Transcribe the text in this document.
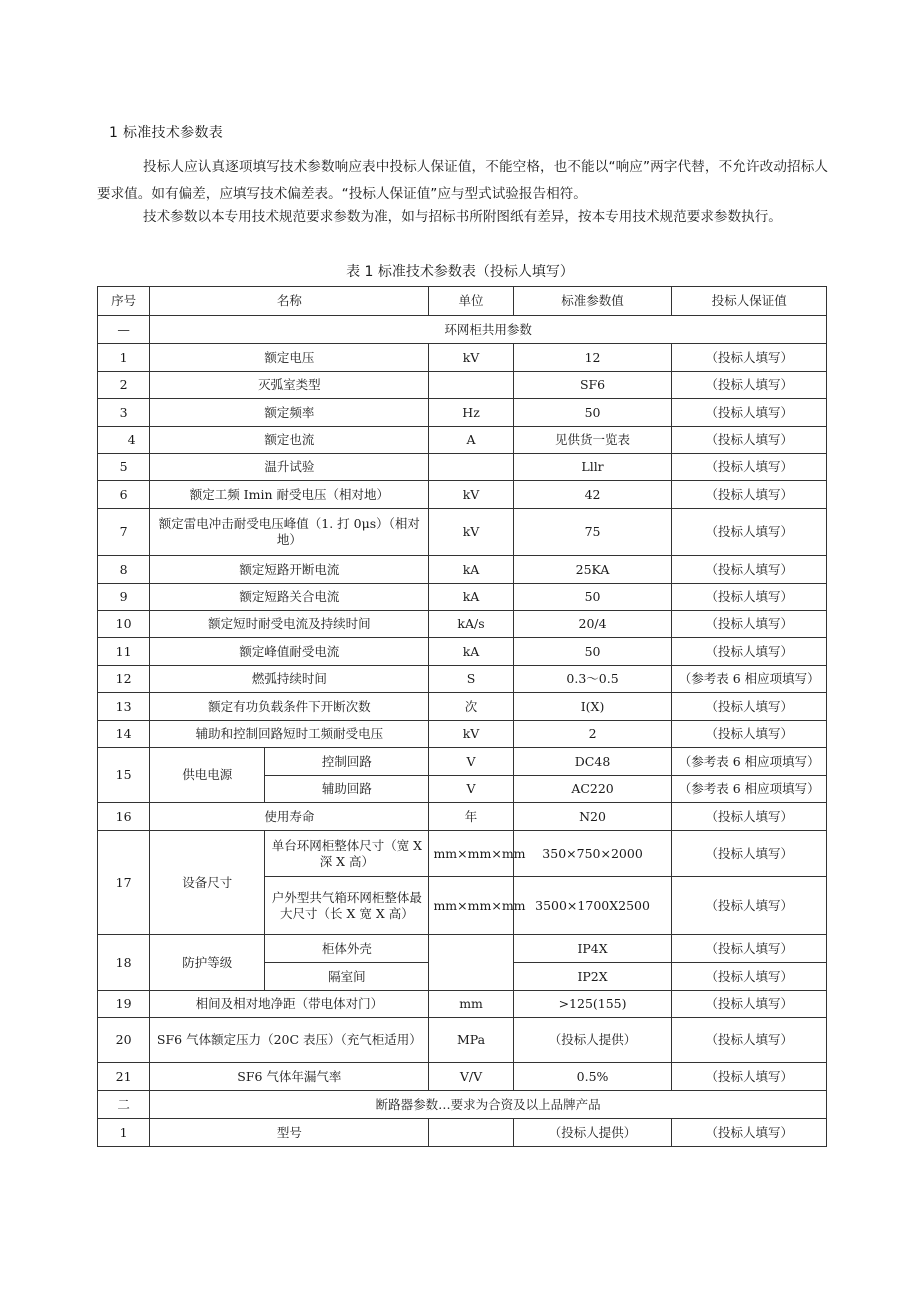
1 标准技术参数表

投标人应认真逐项填写技术参数响应表中投标人保证值，不能空格，也不能以“响应”两字代替，不允许改动招标人要求值。如有偏差，应填写技术偏差表。“投标人保证值”应与型式试验报告相符。

技术参数以本专用技术规范要求参数为准，如与招标书所附图纸有差异，按本专用技术规范要求参数执行。

表 1 标准技术参数表（投标人填写）
序号	名称		单位	标准参数值	投标人保证值
—	环网柜共用参数				
1	额定电压		kV	12	（投标人填写）
2	灭弧室类型			SF6	（投标人填写）
3	额定频率		Hz	50	（投标人填写）
4	额定也流		A	见供货一览表	（投标人填写）
5	温升试验			Lllr	（投标人填写）
6	额定工频 Imin 耐受电压（相对地）		kV	42	（投标人填写）
7	额定雷电冲击耐受电压峰值（1. 打 0μs）（相对地）		kV	75	（投标人填写）
8	额定短路开断电流		kA	25KA	（投标人填写）
9	额定短路关合电流		kA	50	（投标人填写）
10	额定短时耐受电流及持续时间		kA/s	20/4	（投标人填写）
11	额定峰值耐受电流		kA	50	（投标人填写）
12	燃弧持续时间		S	0.3～0.5	（参考表 6 相应项填写）
13	额定有功负载条件下开断次数		次	I(X)	（投标人填写）
14	辅助和控制回路短时工频耐受电压		kV	2	（投标人填写）
15	供电电源	控制回路	V	DC48	（参考表 6 相应项填写）
		辅助回路	V	AC220	（参考表 6 相应项填写）
16	使用寿命		年	N20	（投标人填写）
17	设备尺寸	单台环网柜整体尺寸（宽 X 深 X 高）	mm×mm×mm	350×750×2000	（投标人填写）
		户外型共气箱环网柜整体最大尺寸（长 X 宽 X 高）	mm×mm×mm	3500×1700X2500	（投标人填写）
18	防护等级	柜体外壳		IP4X	（投标人填写）
		隔室间		IP2X	（投标人填写）
19	相间及相对地净距（带电体对门）		mm	>125(155)	（投标人填写）
20	SF6 气体额定压力（20C 表压）（充气柜适用）		MPa	（投标人提供）	（投标人填写）
21	SF6 气体年漏气率		V/V	0.5%	（投标人填写）
二	断路器参数…要求为合资及以上品牌产品				
1	型号			（投标人提供）	（投标人填写）
